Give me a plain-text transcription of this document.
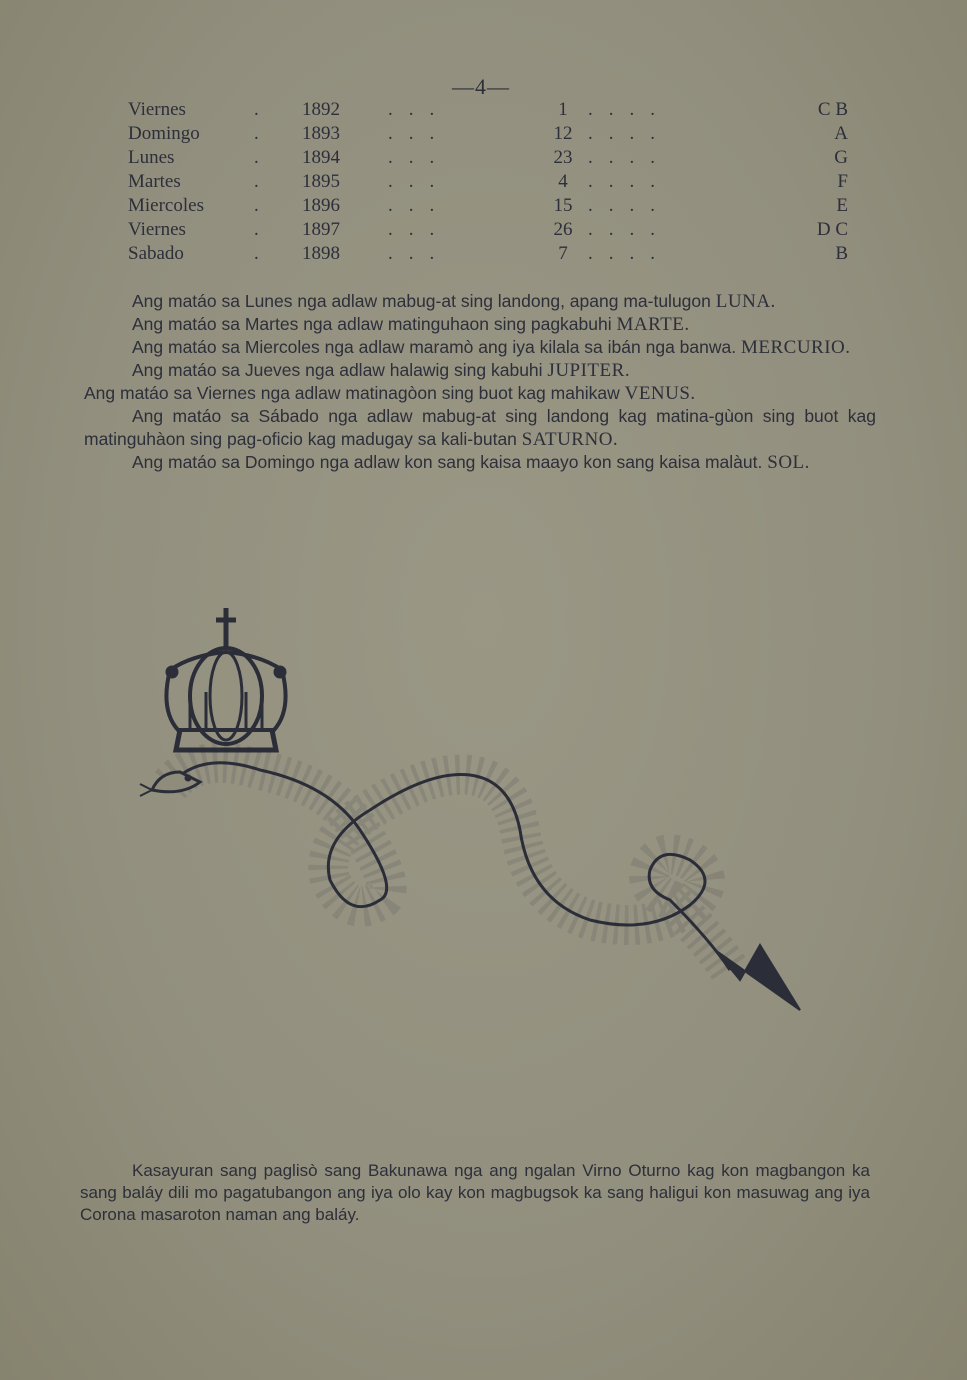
—4—
Viernes	.	1892	...	1	....	C B
Domingo	.	1893	...	12	....	A
Lunes	.	1894	...	23	....	G
Martes	.	1895	...	4	....	F
Miercoles	.	1896	...	15	....	E
Viernes	.	1897	...	26	....	D C
Sabado	.	1898	...	7	....	B

Ang matáo sa Lunes nga adlaw mabug-at sing landong, apang ma-tulugon LUNA.

Ang matáo sa Martes nga adlaw matinguhaon sing pagkabuhi MARTE.

Ang matáo sa Miercoles nga adlaw maramò ang iya kilala sa ibán nga banwa. MERCURIO.

Ang matáo sa Jueves nga adlaw halawig sing kabuhi JUPITER.

Ang matáo sa Viernes nga adlaw matinagòon sing buot kag mahikaw VENUS.

Ang matáo sa Sábado nga adlaw mabug-at sing landong kag matina-gùon sing buot kag matinguhàon sing pag-oficio kag madugay sa kali-butan SATURNO.

Ang matáo sa Domingo nga adlaw kon sang kaisa maayo kon sang kaisa malàut. SOL.

Kasayuran sang paglisò sang Bakunawa nga ang ngalan Virno Oturno kag kon magbangon ka sang baláy dili mo pagatubangon ang iya olo kay kon magbugsok ka sang haligui kon masuwag ang iya Corona masaroton naman ang baláy.
